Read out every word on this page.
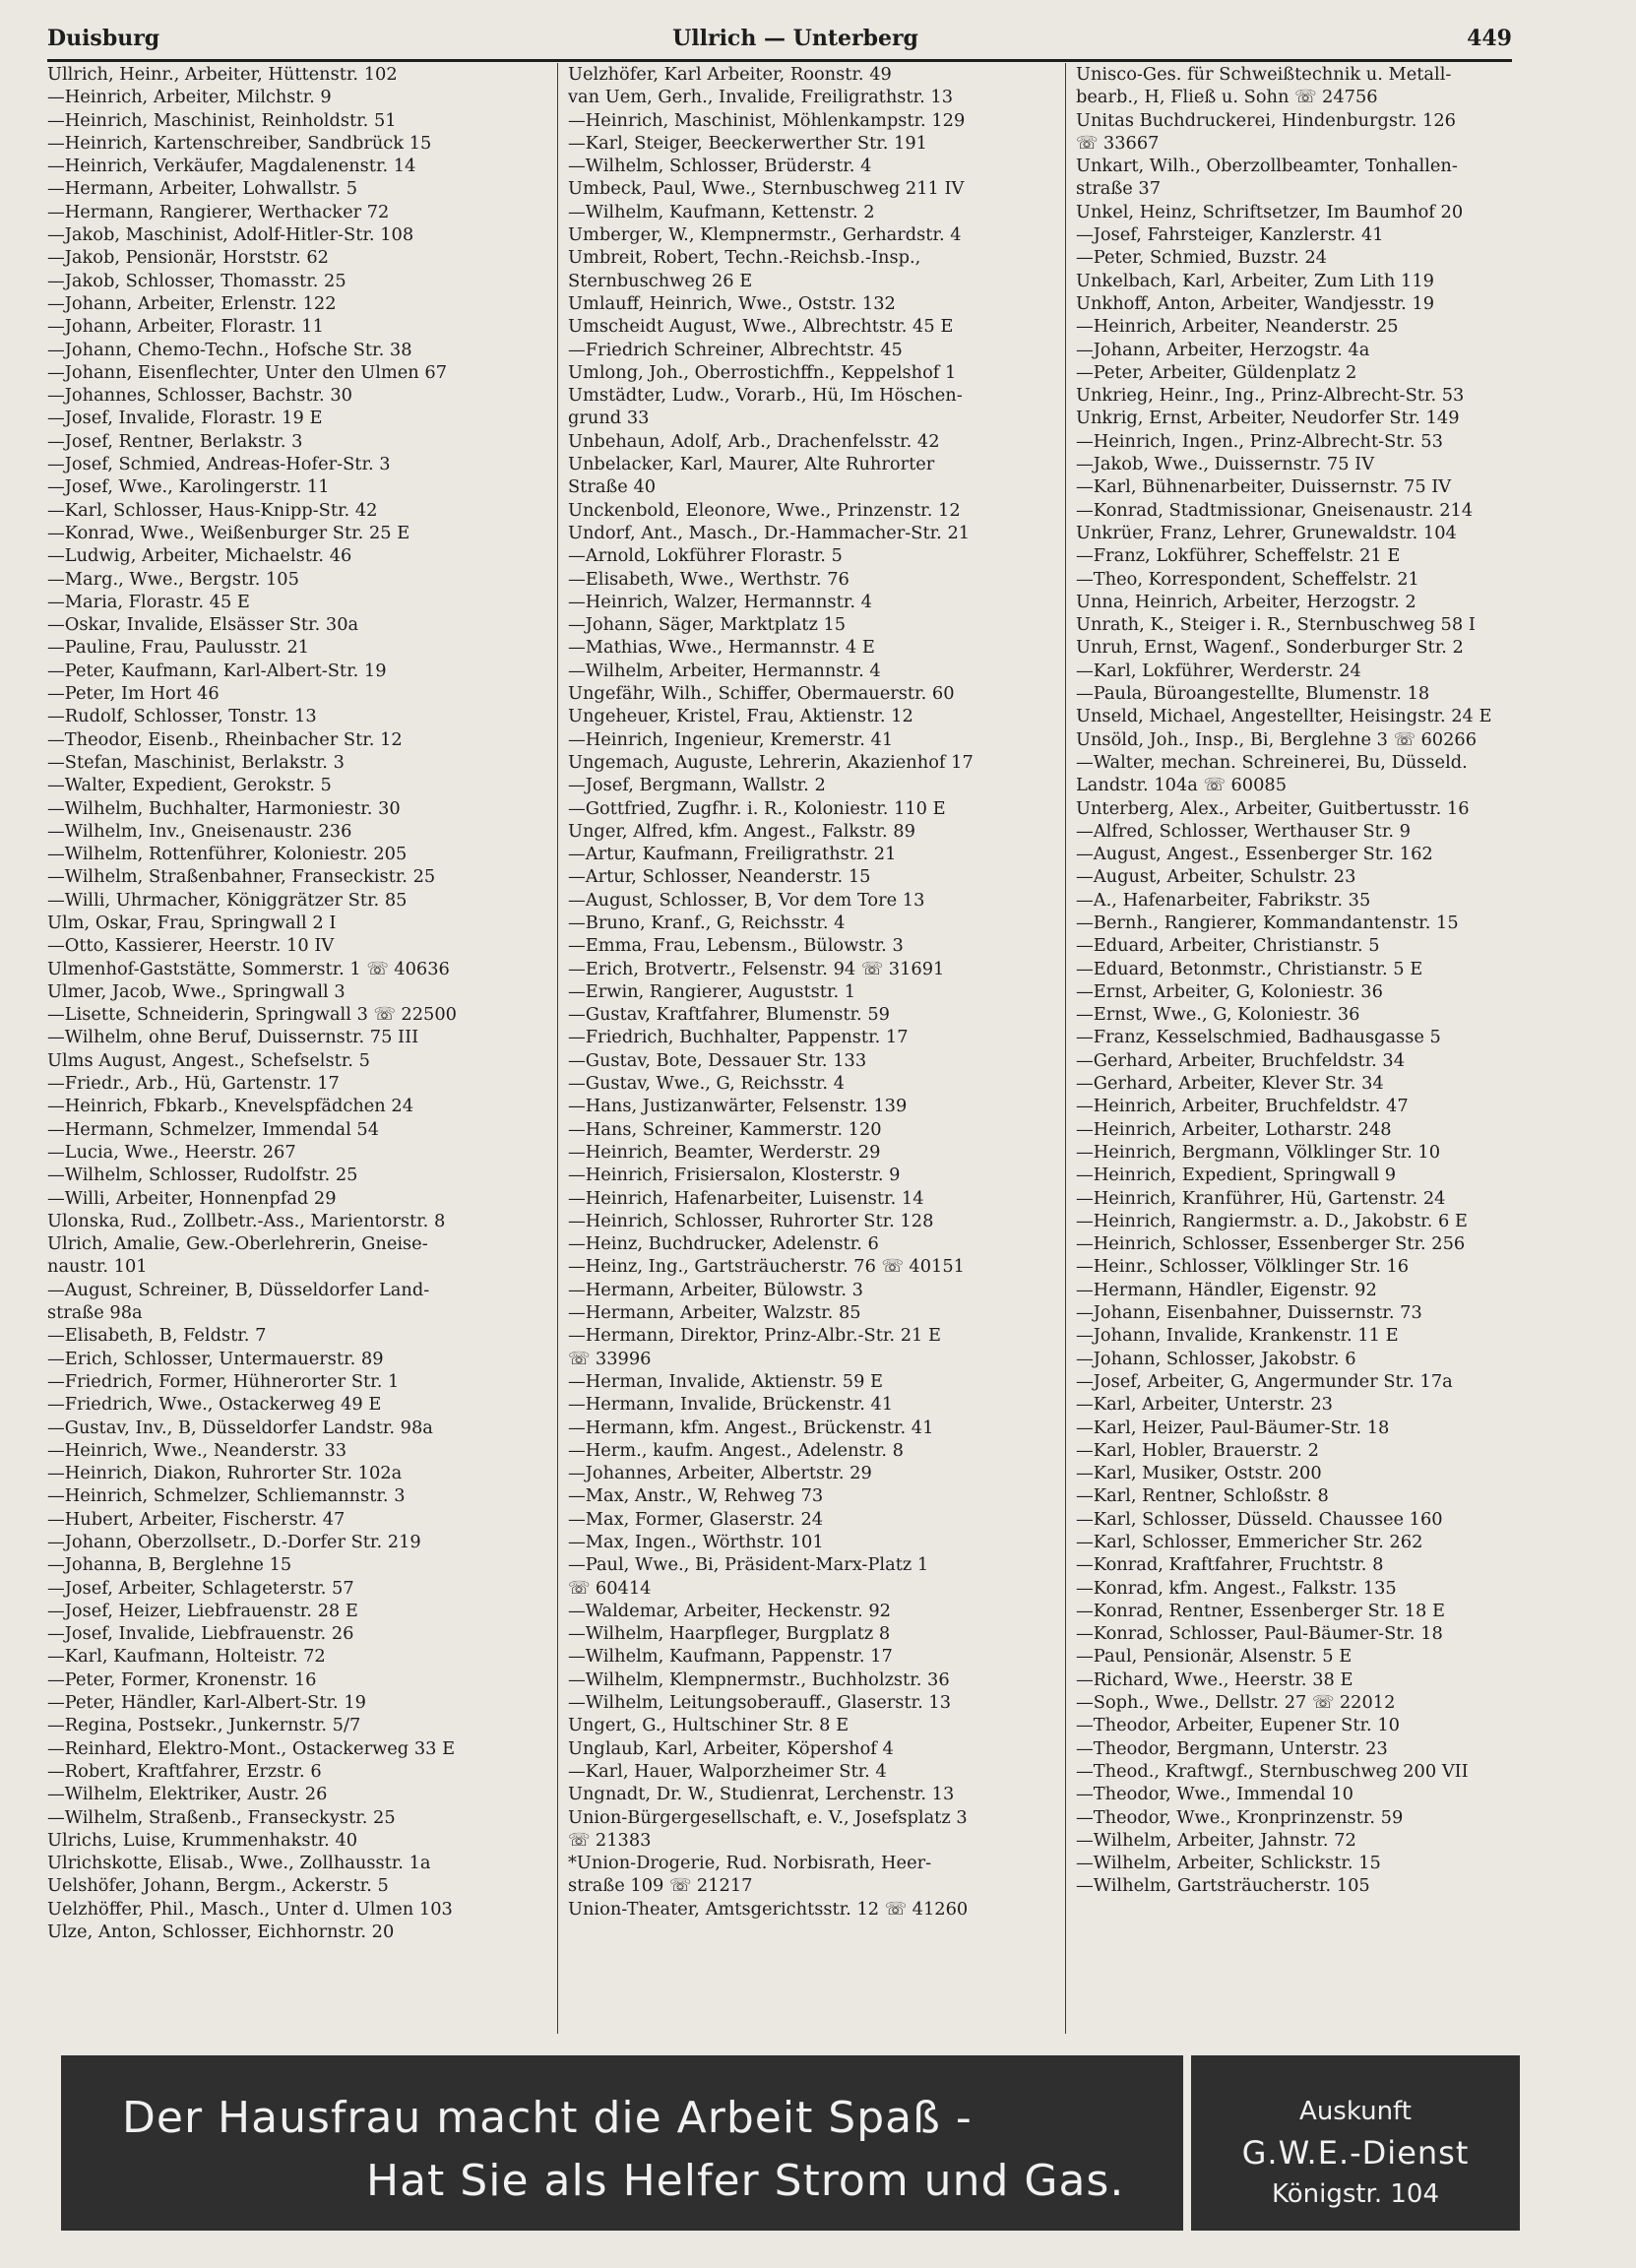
Duisburg	Ullrich — Unterberg	449
Ullrich, Heinr., Arbeiter, Hüttenstr. 102
—Heinrich, Arbeiter, Milchstr. 9
—Heinrich, Maschinist, Reinholdstr. 51
—Heinrich, Kartenschreiber, Sandbrück 15
—Heinrich, Verkäufer, Magdalenenstr. 14
—Hermann, Arbeiter, Lohwallstr. 5
—Hermann, Rangierer, Werthacker 72
—Jakob, Maschinist, Adolf-Hitler-Str. 108
—Jakob, Pensionär, Horststr. 62
—Jakob, Schlosser, Thomasstr. 25
—Johann, Arbeiter, Erlenstr. 122
—Johann, Arbeiter, Florastr. 11
—Johann, Chemo-Techn., Hofsche Str. 38
—Johann, Eisenflechter, Unter den Ulmen 67
—Johannes, Schlosser, Bachstr. 30
—Josef, Invalide, Florastr. 19 E
—Josef, Rentner, Berlakstr. 3
—Josef, Schmied, Andreas-Hofer-Str. 3
—Josef, Wwe., Karolingerstr. 11
—Karl, Schlosser, Haus-Knipp-Str. 42
—Konrad, Wwe., Weißenburger Str. 25 E
—Ludwig, Arbeiter, Michaelstr. 46
—Marg., Wwe., Bergstr. 105
—Maria, Florastr. 45 E
—Oskar, Invalide, Elsässer Str. 30a
—Pauline, Frau, Paulusstr. 21
—Peter, Kaufmann, Karl-Albert-Str. 19
—Peter, Im Hort 46
—Rudolf, Schlosser, Tonstr. 13
—Theodor, Eisenb., Rheinbacher Str. 12
—Stefan, Maschinist, Berlakstr. 3
—Walter, Expedient, Gerokstr. 5
—Wilhelm, Buchhalter, Harmoniestr. 30
—Wilhelm, Inv., Gneisenaustr. 236
—Wilhelm, Rottenführer, Koloniestr. 205
—Wilhelm, Straßenbahner, Franseckistr. 25
—Willi, Uhrmacher, Königgrätzer Str. 85
Ulm, Oskar, Frau, Springwall 2 I
—Otto, Kassierer, Heerstr. 10 IV
Ulmenhof-Gaststätte, Sommerstr. 1 ☏ 40636
Ulmer, Jacob, Wwe., Springwall 3
—Lisette, Schneiderin, Springwall 3 ☏ 22500
—Wilhelm, ohne Beruf, Duissernstr. 75 III
Ulms August, Angest., Schefselstr. 5
—Friedr., Arb., Hü, Gartenstr. 17
—Heinrich, Fbkarb., Knevelspfädchen 24
—Hermann, Schmelzer, Immendal 54
—Lucia, Wwe., Heerstr. 267
—Wilhelm, Schlosser, Rudolfstr. 25
—Willi, Arbeiter, Honnenpfad 29
Ulonska, Rud., Zollbetr.-Ass., Marientorstr. 8
Ulrich, Amalie, Gew.-Oberlehrerin, Gneise-
naustr. 101
—August, Schreiner, B, Düsseldorfer Land-
straße 98a
—Elisabeth, B, Feldstr. 7
—Erich, Schlosser, Untermauerstr. 89
—Friedrich, Former, Hühnerorter Str. 1
—Friedrich, Wwe., Ostackerweg 49 E
—Gustav, Inv., B, Düsseldorfer Landstr. 98a
—Heinrich, Wwe., Neanderstr. 33
—Heinrich, Diakon, Ruhrorter Str. 102a
—Heinrich, Schmelzer, Schliemannstr. 3
—Hubert, Arbeiter, Fischerstr. 47
—Johann, Oberzollsetr., D.-Dorfer Str. 219
—Johanna, B, Berglehne 15
—Josef, Arbeiter, Schlageterstr. 57
—Josef, Heizer, Liebfrauenstr. 28 E
—Josef, Invalide, Liebfrauenstr. 26
—Karl, Kaufmann, Holteistr. 72
—Peter, Former, Kronenstr. 16
—Peter, Händler, Karl-Albert-Str. 19
—Regina, Postsekr., Junkernstr. 5/7
—Reinhard, Elektro-Mont., Ostackerweg 33 E
—Robert, Kraftfahrer, Erzstr. 6
—Wilhelm, Elektriker, Austr. 26
—Wilhelm, Straßenb., Franseckystr. 25
Ulrichs, Luise, Krummenhakstr. 40
Ulrichskotte, Elisab., Wwe., Zollhausstr. 1a
Uelshöfer, Johann, Bergm., Ackerstr. 5
Uelzhöffer, Phil., Masch., Unter d. Ulmen 103
Ulze, Anton, Schlosser, Eichhornstr. 20
Uelzhöfer, Karl Arbeiter, Roonstr. 49
van Uem, Gerh., Invalide, Freiligrathstr. 13
—Heinrich, Maschinist, Möhlenkampstr. 129
—Karl, Steiger, Beeckerwerther Str. 191
—Wilhelm, Schlosser, Brüderstr. 4
Umbeck, Paul, Wwe., Sternbuschweg 211 IV
—Wilhelm, Kaufmann, Kettenstr. 2
Umberger, W., Klempnermstr., Gerhardstr. 4
Umbreit, Robert, Techn.-Reichsb.-Insp.,
Sternbuschweg 26 E
Umlauff, Heinrich, Wwe., Oststr. 132
Umscheidt August, Wwe., Albrechtstr. 45 E
—Friedrich Schreiner, Albrechtstr. 45
Umlong, Joh., Oberrostichffn., Keppelshof 1
Umstädter, Ludw., Vorarb., Hü, Im Höschen-
grund 33
Unbehaun, Adolf, Arb., Drachenfelsstr. 42
Unbelacker, Karl, Maurer, Alte Ruhrorter
Straße 40
Unckenbold, Eleonore, Wwe., Prinzenstr. 12
Undorf, Ant., Masch., Dr.-Hammacher-Str. 21
—Arnold, Lokführer Florastr. 5
—Elisabeth, Wwe., Werthstr. 76
—Heinrich, Walzer, Hermannstr. 4
—Johann, Säger, Marktplatz 15
—Mathias, Wwe., Hermannstr. 4 E
—Wilhelm, Arbeiter, Hermannstr. 4
Ungefähr, Wilh., Schiffer, Obermauerstr. 60
Ungeheuer, Kristel, Frau, Aktienstr. 12
—Heinrich, Ingenieur, Kremerstr. 41
Ungemach, Auguste, Lehrerin, Akazienhof 17
—Josef, Bergmann, Wallstr. 2
—Gottfried, Zugfhr. i. R., Koloniestr. 110 E
Unger, Alfred, kfm. Angest., Falkstr. 89
—Artur, Kaufmann, Freiligrathstr. 21
—Artur, Schlosser, Neanderstr. 15
—August, Schlosser, B, Vor dem Tore 13
—Bruno, Kranf., G, Reichsstr. 4
—Emma, Frau, Lebensm., Bülowstr. 3
—Erich, Brotvertr., Felsenstr. 94 ☏ 31691
—Erwin, Rangierer, Auguststr. 1
—Gustav, Kraftfahrer, Blumenstr. 59
—Friedrich, Buchhalter, Pappenstr. 17
—Gustav, Bote, Dessauer Str. 133
—Gustav, Wwe., G, Reichsstr. 4
—Hans, Justizanwärter, Felsenstr. 139
—Hans, Schreiner, Kammerstr. 120
—Heinrich, Beamter, Werderstr. 29
—Heinrich, Frisiersalon, Klosterstr. 9
—Heinrich, Hafenarbeiter, Luisenstr. 14
—Heinrich, Schlosser, Ruhrorter Str. 128
—Heinz, Buchdrucker, Adelenstr. 6
—Heinz, Ing., Gartsträucherstr. 76 ☏ 40151
—Hermann, Arbeiter, Bülowstr. 3
—Hermann, Arbeiter, Walzstr. 85
—Hermann, Direktor, Prinz-Albr.-Str. 21 E
☏ 33996
—Herman, Invalide, Aktienstr. 59 E
—Hermann, Invalide, Brückenstr. 41
—Hermann, kfm. Angest., Brückenstr. 41
—Herm., kaufm. Angest., Adelenstr. 8
—Johannes, Arbeiter, Albertstr. 29
—Max, Anstr., W, Rehweg 73
—Max, Former, Glaserstr. 24
—Max, Ingen., Wörthstr. 101
—Paul, Wwe., Bi, Präsident-Marx-Platz 1
☏ 60414
—Waldemar, Arbeiter, Heckenstr. 92
—Wilhelm, Haarpfleger, Burgplatz 8
—Wilhelm, Kaufmann, Pappenstr. 17
—Wilhelm, Klempnermstr., Buchholzstr. 36
—Wilhelm, Leitungsoberauff., Glaserstr. 13
Ungert, G., Hultschiner Str. 8 E
Unglaub, Karl, Arbeiter, Köpershof 4
—Karl, Hauer, Walporzheimer Str. 4
Ungnadt, Dr. W., Studienrat, Lerchenstr. 13
Union-Bürgergesellschaft, e. V., Josefsplatz 3
☏ 21383
*Union-Drogerie, Rud. Norbisrath, Heer-
straße 109 ☏ 21217
Union-Theater, Amtsgerichtsstr. 12 ☏ 41260
Unisco-Ges. für Schweißtechnik u. Metall-
bearb., H, Fließ u. Sohn ☏ 24756
Unitas Buchdruckerei, Hindenburgstr. 126
☏ 33667
Unkart, Wilh., Oberzollbeamter, Tonhallen-
straße 37
Unkel, Heinz, Schriftsetzer, Im Baumhof 20
—Josef, Fahrsteiger, Kanzlerstr. 41
—Peter, Schmied, Buzstr. 24
Unkelbach, Karl, Arbeiter, Zum Lith 119
Unkhoff, Anton, Arbeiter, Wandjesstr. 19
—Heinrich, Arbeiter, Neanderstr. 25
—Johann, Arbeiter, Herzogstr. 4a
—Peter, Arbeiter, Güldenplatz 2
Unkrieg, Heinr., Ing., Prinz-Albrecht-Str. 53
Unkrig, Ernst, Arbeiter, Neudorfer Str. 149
—Heinrich, Ingen., Prinz-Albrecht-Str. 53
—Jakob, Wwe., Duissernstr. 75 IV
—Karl, Bühnenarbeiter, Duissernstr. 75 IV
—Konrad, Stadtmissionar, Gneisenaustr. 214
Unkrüer, Franz, Lehrer, Grunewaldstr. 104
—Franz, Lokführer, Scheffelstr. 21 E
—Theo, Korrespondent, Scheffelstr. 21
Unna, Heinrich, Arbeiter, Herzogstr. 2
Unrath, K., Steiger i. R., Sternbuschweg 58 I
Unruh, Ernst, Wagenf., Sonderburger Str. 2
—Karl, Lokführer, Werderstr. 24
—Paula, Büroangestellte, Blumenstr. 18
Unseld, Michael, Angestellter, Heisingstr. 24 E
Unsöld, Joh., Insp., Bi, Berglehne 3 ☏ 60266
—Walter, mechan. Schreinerei, Bu, Düsseld.
Landstr. 104a ☏ 60085
Unterberg, Alex., Arbeiter, Guitbertusstr. 16
—Alfred, Schlosser, Werthauser Str. 9
—August, Angest., Essenberger Str. 162
—August, Arbeiter, Schulstr. 23
—A., Hafenarbeiter, Fabrikstr. 35
—Bernh., Rangierer, Kommandantenstr. 15
—Eduard, Arbeiter, Christianstr. 5
—Eduard, Betonmstr., Christianstr. 5 E
—Ernst, Arbeiter, G, Koloniestr. 36
—Ernst, Wwe., G, Koloniestr. 36
—Franz, Kesselschmied, Badhausgasse 5
—Gerhard, Arbeiter, Bruchfeldstr. 34
—Gerhard, Arbeiter, Klever Str. 34
—Heinrich, Arbeiter, Bruchfeldstr. 47
—Heinrich, Arbeiter, Lotharstr. 248
—Heinrich, Bergmann, Völklinger Str. 10
—Heinrich, Expedient, Springwall 9
—Heinrich, Kranführer, Hü, Gartenstr. 24
—Heinrich, Rangiermstr. a. D., Jakobstr. 6 E
—Heinrich, Schlosser, Essenberger Str. 256
—Heinr., Schlosser, Völklinger Str. 16
—Hermann, Händler, Eigenstr. 92
—Johann, Eisenbahner, Duissernstr. 73
—Johann, Invalide, Krankenstr. 11 E
—Johann, Schlosser, Jakobstr. 6
—Josef, Arbeiter, G, Angermunder Str. 17a
—Karl, Arbeiter, Unterstr. 23
—Karl, Heizer, Paul-Bäumer-Str. 18
—Karl, Hobler, Brauerstr. 2
—Karl, Musiker, Oststr. 200
—Karl, Rentner, Schloßstr. 8
—Karl, Schlosser, Düsseld. Chaussee 160
—Karl, Schlosser, Emmericher Str. 262
—Konrad, Kraftfahrer, Fruchtstr. 8
—Konrad, kfm. Angest., Falkstr. 135
—Konrad, Rentner, Essenberger Str. 18 E
—Konrad, Schlosser, Paul-Bäumer-Str. 18
—Paul, Pensionär, Alsenstr. 5 E
—Richard, Wwe., Heerstr. 38 E
—Soph., Wwe., Dellstr. 27 ☏ 22012
—Theodor, Arbeiter, Eupener Str. 10
—Theodor, Bergmann, Unterstr. 23
—Theod., Kraftwgf., Sternbuschweg 200 VII
—Theodor, Wwe., Immendal 10
—Theodor, Wwe., Kronprinzenstr. 59
—Wilhelm, Arbeiter, Jahnstr. 72
—Wilhelm, Arbeiter, Schlickstr. 15
—Wilhelm, Gartsträucherstr. 105
Der Hausfrau macht die Arbeit Spaß -
Hat Sie als Helfer Strom und Gas.
Auskunft
G.W.E.-Dienst
Königstr. 104
